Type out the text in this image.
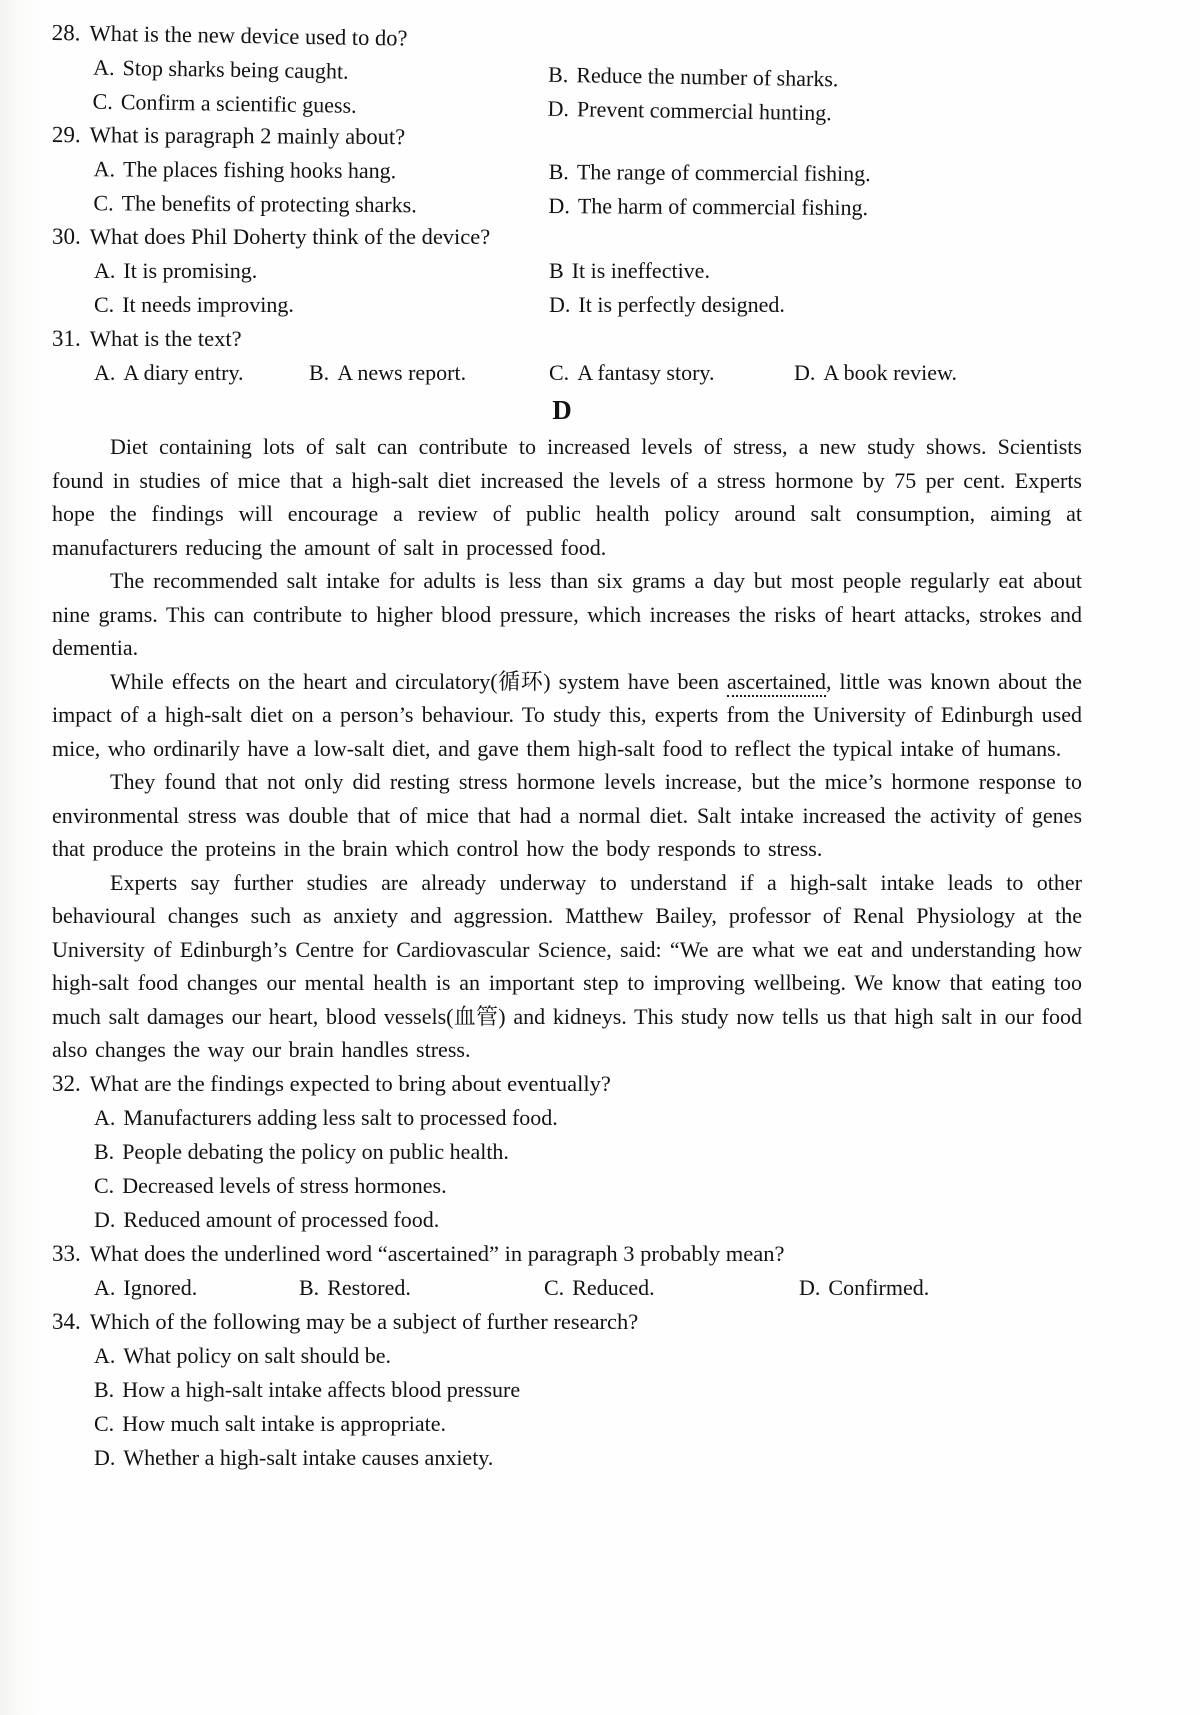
28. What is the new device used to do?
A. Stop sharks being caught.	B. Reduce the number of sharks.
C. Confirm a scientific guess.	D. Prevent commercial hunting.
29. What is paragraph 2 mainly about?
A. The places fishing hooks hang.	B. The range of commercial fishing.
C. The benefits of protecting sharks.	D. The harm of commercial fishing.
30. What does Phil Doherty think of the device?
A. It is promising.	B It is ineffective.
C. It needs improving.	D. It is perfectly designed.
31. What is the text?
A. A diary entry.	B. A news report.	C. A fantasy story.	D. A book review.
D

Diet containing lots of salt can contribute to increased levels of stress, a new study shows. Scientists found in studies of mice that a high-salt diet increased the levels of a stress hormone by 75 per cent. Experts hope the findings will encourage a review of public health policy around salt consumption, aiming at manufacturers reducing the amount of salt in processed food.

The recommended salt intake for adults is less than six grams a day but most people regularly eat about nine grams. This can contribute to higher blood pressure, which increases the risks of heart attacks, strokes and dementia.

While effects on the heart and circulatory(循环) system have been ascertained, little was known about the impact of a high-salt diet on a person’s behaviour. To study this, experts from the University of Edinburgh used mice, who ordinarily have a low-salt diet, and gave them high-salt food to reflect the typical intake of humans.

They found that not only did resting stress hormone levels increase, but the mice’s hormone response to environmental stress was double that of mice that had a normal diet. Salt intake increased the activity of genes that produce the proteins in the brain which control how the body responds to stress.

Experts say further studies are already underway to understand if a high-salt intake leads to other behavioural changes such as anxiety and aggression. Matthew Bailey, professor of Renal Physiology at the University of Edinburgh’s Centre for Cardiovascular Science, said: “We are what we eat and understanding how high-salt food changes our mental health is an important step to improving wellbeing. We know that eating too much salt damages our heart, blood vessels(血管) and kidneys. This study now tells us that high salt in our food also changes the way our brain handles stress.

32. What are the findings expected to bring about eventually?
A. Manufacturers adding less salt to processed food.
B. People debating the policy on public health.
C. Decreased levels of stress hormones.
D. Reduced amount of processed food.
33. What does the underlined word “ascertained” in paragraph 3 probably mean?
A. Ignored.	B. Restored.	C. Reduced.	D. Confirmed.
34. Which of the following may be a subject of further research?
A. What policy on salt should be.
B. How a high-salt intake affects blood pressure
C. How much salt intake is appropriate.
D. Whether a high-salt intake causes anxiety.
